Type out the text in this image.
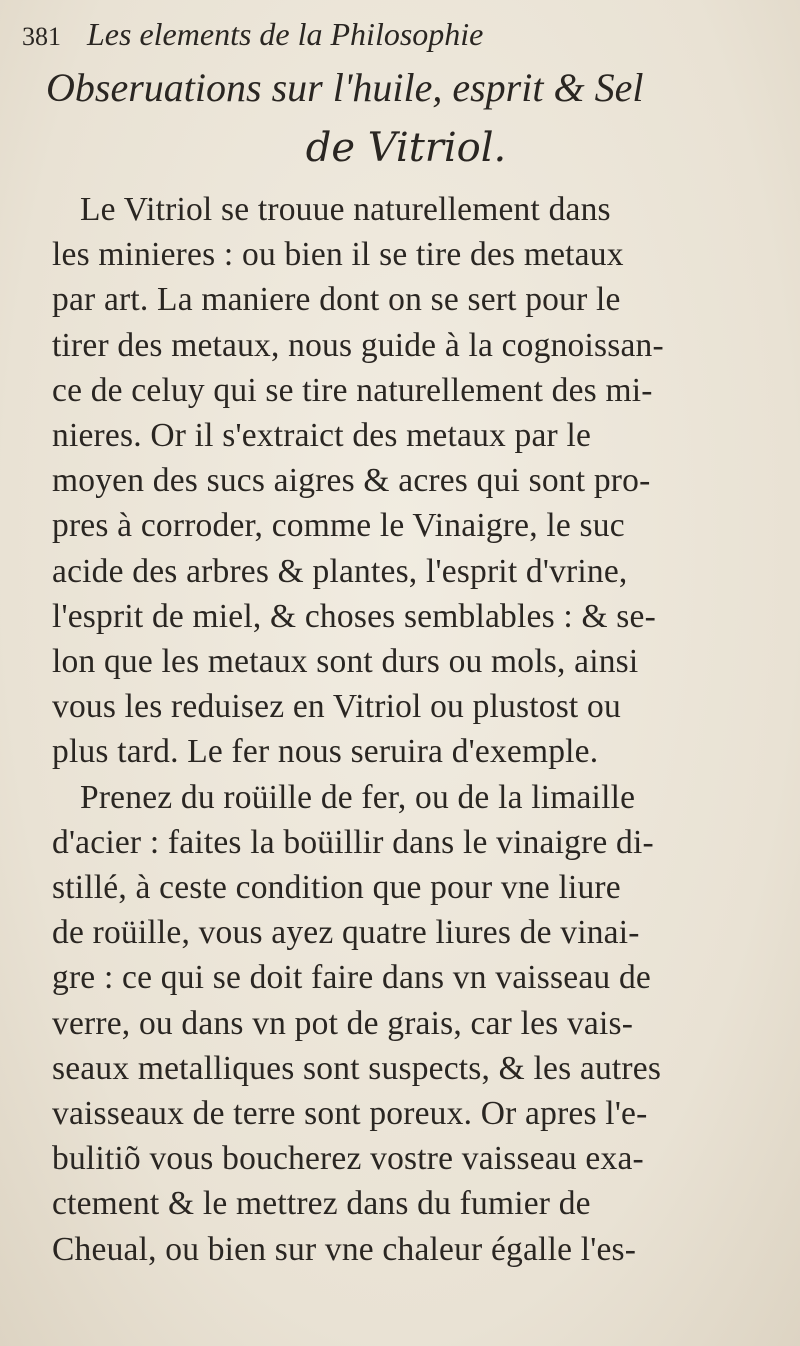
381 Les elements de la Philosophie
Obseruations sur l'huile, esprit & Sel
de Vitriol.
Le Vitriol se trouue naturellement dans
les minieres : ou bien il se tire des metaux
par art. La maniere dont on se sert pour le
tirer des metaux, nous guide à la cognoissan-
ce de celuy qui se tire naturellement des mi-
nieres. Or il s'extraict des metaux par le
moyen des sucs aigres & acres qui sont pro-
pres à corroder, comme le Vinaigre, le suc
acide des arbres & plantes, l'esprit d'vrine,
l'esprit de miel, & choses semblables : & se-
lon que les metaux sont durs ou mols, ainsi
vous les reduisez en Vitriol ou plustost ou
plus tard. Le fer nous seruira d'exemple.
Prenez du roüille de fer, ou de la limaille
d'acier : faites la boüillir dans le vinaigre di-
stillé, à ceste condition que pour vne liure
de roüille, vous ayez quatre liures de vinai-
gre : ce qui se doit faire dans vn vaisseau de
verre, ou dans vn pot de grais, car les vais-
seaux metalliques sont suspects, & les autres
vaisseaux de terre sont poreux. Or apres l'e-
bulitiõ vous boucherez vostre vaisseau exa-
ctement & le mettrez dans du fumier de
Cheual, ou bien sur vne chaleur égalle l'es-
